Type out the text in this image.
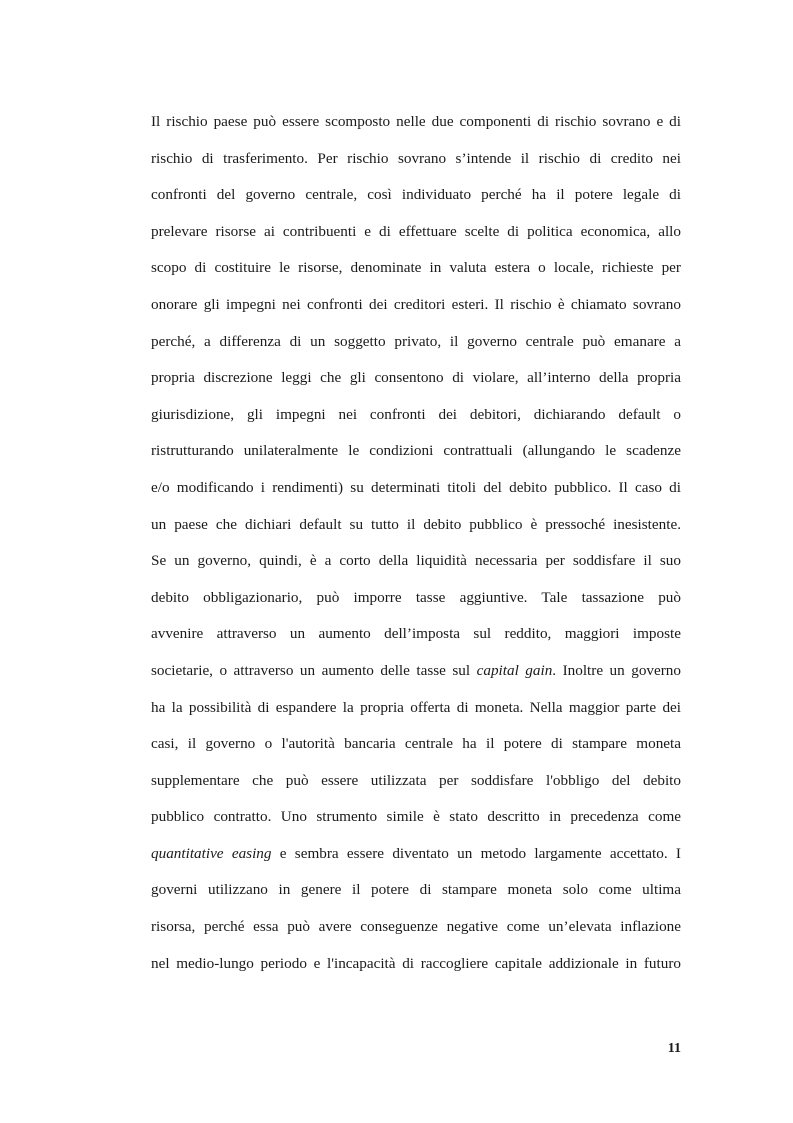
Il rischio paese può essere scomposto nelle due componenti di rischio sovrano e di
rischio di trasferimento. Per rischio sovrano s’intende il rischio di credito nei
confronti del governo centrale, così individuato perché ha il potere legale di
prelevare risorse ai contribuenti e di effettuare scelte di politica economica, allo
scopo di costituire le risorse, denominate in valuta estera o locale, richieste per
onorare gli impegni nei confronti dei creditori esteri. Il rischio è chiamato sovrano
perché, a differenza di un soggetto privato, il governo centrale può emanare a
propria discrezione leggi che gli consentono di violare, all’interno della propria
giurisdizione, gli impegni nei confronti dei debitori, dichiarando default o
ristrutturando unilateralmente le condizioni contrattuali (allungando le scadenze
e/o modificando i rendimenti) su determinati titoli del debito pubblico. Il caso di
un paese che dichiari default su tutto il debito pubblico è pressoché inesistente.
Se un governo, quindi, è a corto della liquidità necessaria per soddisfare il suo
debito obbligazionario, può imporre tasse aggiuntive. Tale tassazione può
avvenire attraverso un aumento dell’imposta sul reddito, maggiori imposte
societarie, o attraverso un aumento delle tasse sul capital gain. Inoltre un governo
ha la possibilità di espandere la propria offerta di moneta. Nella maggior parte dei
casi, il governo o l'autorità bancaria centrale ha il potere di stampare moneta
supplementare che può essere utilizzata per soddisfare l'obbligo del debito
pubblico contratto. Uno strumento simile è stato descritto in precedenza come
quantitative easing e sembra essere diventato un metodo largamente accettato. I
governi utilizzano in genere il potere di stampare moneta solo come ultima
risorsa, perché essa può avere conseguenze negative come un’elevata inflazione
nel medio-lungo periodo e l'incapacità di raccogliere capitale addizionale in futuro
11
